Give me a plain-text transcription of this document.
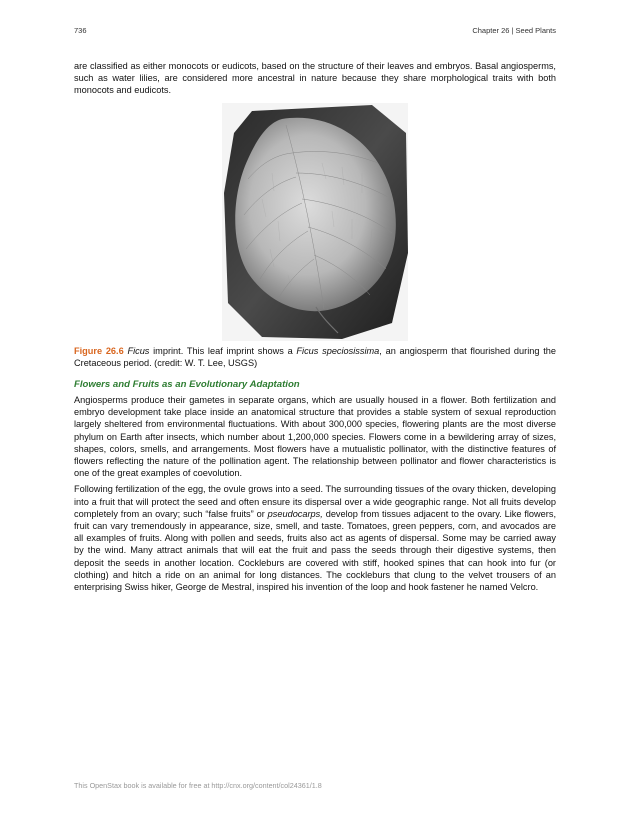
736	Chapter 26 | Seed Plants

are classified as either monocots or eudicots, based on the structure of their leaves and embryos. Basal angiosperms, such as water lilies, are considered more ancestral in nature because they share morphological traits with both monocots and eudicots.

Figure 26.6 Ficus imprint. This leaf imprint shows a Ficus speciosissima, an angiosperm that flourished during the Cretaceous period. (credit: W. T. Lee, USGS)

Flowers and Fruits as an Evolutionary Adaptation

Angiosperms produce their gametes in separate organs, which are usually housed in a flower. Both fertilization and embryo development take place inside an anatomical structure that provides a stable system of sexual reproduction largely sheltered from environmental fluctuations. With about 300,000 species, flowering plants are the most diverse phylum on Earth after insects, which number about 1,200,000 species. Flowers come in a bewildering array of sizes, shapes, colors, smells, and arrangements. Most flowers have a mutualistic pollinator, with the distinctive features of flowers reflecting the nature of the pollination agent. The relationship between pollinator and flower characteristics is one of the great examples of coevolution.

Following fertilization of the egg, the ovule grows into a seed. The surrounding tissues of the ovary thicken, developing into a fruit that will protect the seed and often ensure its dispersal over a wide geographic range. Not all fruits develop completely from an ovary; such “false fruits” or pseudocarps, develop from tissues adjacent to the ovary. Like flowers, fruit can vary tremendously in appearance, size, smell, and taste. Tomatoes, green peppers, corn, and avocados are all examples of fruits. Along with pollen and seeds, fruits also act as agents of dispersal. Some may be carried away by the wind. Many attract animals that will eat the fruit and pass the seeds through their digestive systems, then deposit the seeds in another location. Cockleburs are covered with stiff, hooked spines that can hook into fur (or clothing) and hitch a ride on an animal for long distances. The cockleburs that clung to the velvet trousers of an enterprising Swiss hiker, George de Mestral, inspired his invention of the loop and hook fastener he named Velcro.

This OpenStax book is available for free at http://cnx.org/content/col24361/1.8
